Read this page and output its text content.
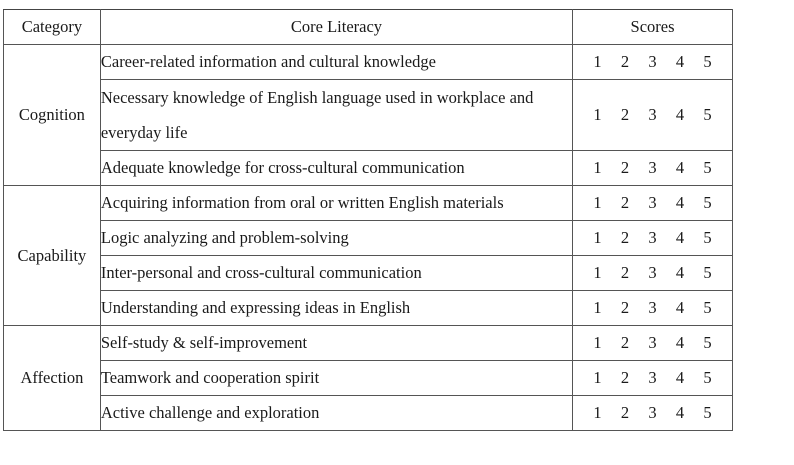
Category	Core Literacy	Scores
Cognition	Career-related information and cultural knowledge	1 2 3 4 5
	Necessary knowledge of English language used in workplace and everyday life	1 2 3 4 5
	Adequate knowledge for cross-cultural communication	1 2 3 4 5
Capability	Acquiring information from oral or written English materials	1 2 3 4 5
	Logic analyzing and problem-solving	1 2 3 4 5
	Inter-personal and cross-cultural communication	1 2 3 4 5
	Understanding and expressing ideas in English	1 2 3 4 5
Affection	Self-study & self-improvement	1 2 3 4 5
	Teamwork and cooperation spirit	1 2 3 4 5
	Active challenge and exploration	1 2 3 4 5
